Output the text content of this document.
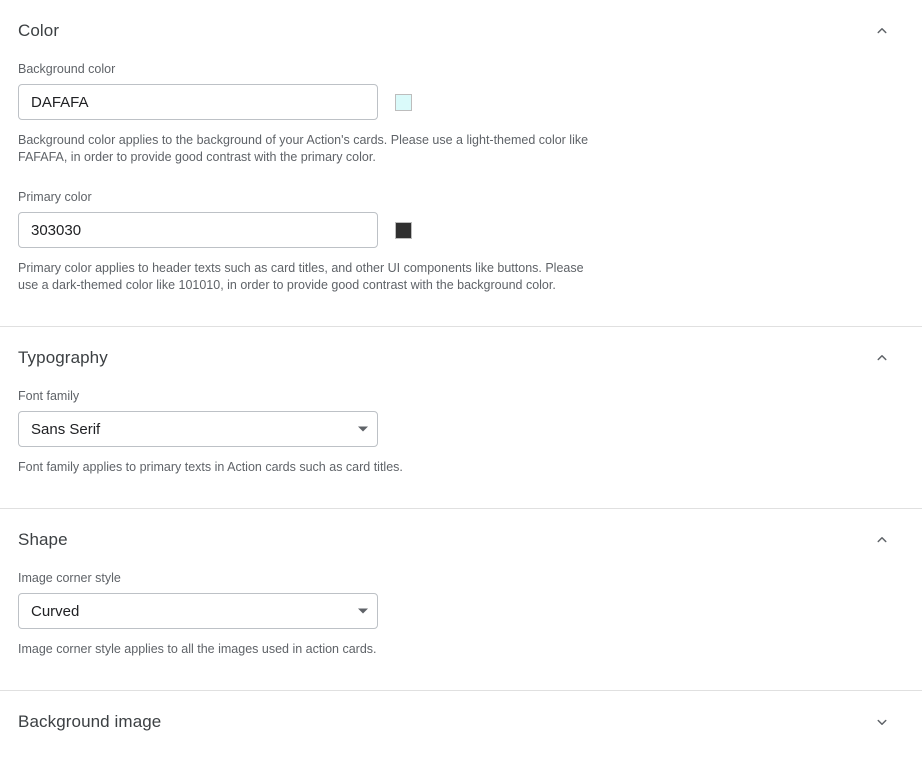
Color
Background color
DAFAFA
Background color applies to the background of your Action's cards. Please use a light-themed color like FAFAFA, in order to provide good contrast with the primary color.
Primary color
303030
Primary color applies to header texts such as card titles, and other UI components like buttons. Please use a dark-themed color like 101010, in order to provide good contrast with the background color.
Typography
Font family
Sans Serif
Font family applies to primary texts in Action cards such as card titles.
Shape
Image corner style
Curved
Image corner style applies to all the images used in action cards.
Background image
